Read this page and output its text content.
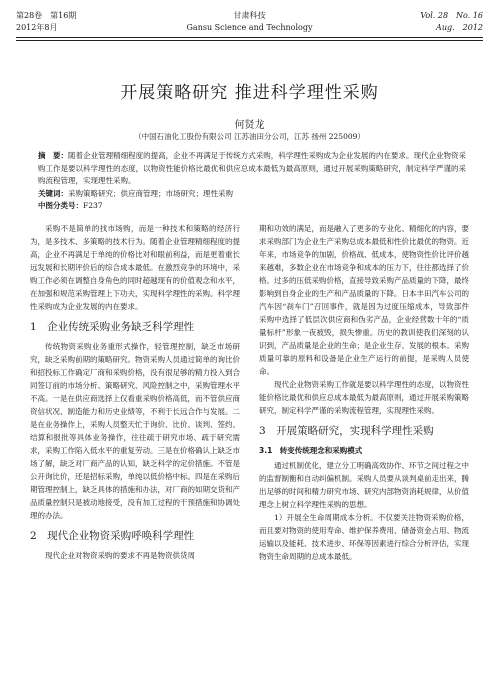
第28卷　第16期
2012年8月
甘肃科技
Gansu Science and Technology
Vol. 28　No. 16
Aug.　2012
开展策略研究 推进科学理性采购
何贤龙
（中国石油化工股份有限公司 江苏油田分公司，江苏 扬州 225009）
摘　要：随着企业管理精细程度的提高，企业不再满足于传统方式采购，科学理性采购成为企业发展的内在要求。现代企业物资采购工作是要以科学理性的态度，以物资性能价格比最优和供应总成本最低为最高原则，通过开展采购策略研究，制定科学严谨的采购流程管理，实现理性采购。
关键词：采购策略研究；供应商管理；市场研究；理性采购
中图分类号：F237

采购不是简单的找市场购，而是一种技术和策略的经济行为，是多技术、多策略的技术行为。随着企业管理精细程度的提高，企业不再满足于单纯的价格比对和眼前利益，而是更着重长远发展和长期评价后的综合成本最低。在激烈竞争的环境中，采购工作必须在调整自身角色的同时超越现有的价值观念和水平，在加强和规范采购管理上下功夫，实现科学理性的采购。科学理性采购成为企业发展的内在要求。

1　企业传统采购业务缺乏科学理性

传统物资采购业务重形式操作，轻管理控制，缺乏市场研究，缺乏采购前期的策略研究。物资采购人员通过简单的询比价和招投标工作确定厂商和采购价格，没有很足够的精力投入到合同签订前的市场分析、策略研究、风险控制之中，采购管理水平不高。一是在供应商选择上仅看重采购价格高低，而不管供应商资信状况、制造能力和历史业绩等，不利于长远合作与发展。二是在业务操作上，采购人员整天忙于询价、比价、谈判、签约、结算和报批等具体业务操作，往往疏于研究市场、疏于研究需求，采购工作陷入低水平的重复劳动。三是在价格确认上缺乏市场了解，缺乏对厂商产品的认知，缺乏科学的定价措施。不管是公开询比价，还是招标采购，单纯以低价格中标。四是在采购后期管理控制上，缺乏具体的措施和办法，对厂商的如期交货和产品质量控制只是被动地接受，没有加工过程的干预措施和协调处理的办法。

2　现代企业物资采购呼唤科学理性

现代企业对物资采购的要求不再是物资供货周

期和功效的满足，而是融入了更多的专业化、精细化的内容，要求采购部门为企业生产采购总成本最低和性价比最优的物资。近年来，市场竞争的加剧，价格战、低成本，使物资性价比评价越来越难，多数企业在市场竞争和成本的压力下，往往都选择了价格。过多的压低采购价格，直接导致采购产品质量的下降，最终影响到自身企业的生产和产品质量的下降。日本丰田汽车公司的汽车因“刹车门”召回事件，就是因为过度压缩成本，导致部件采购中选择了低层次供应商和伪劣产品，企业经营数十年的“质量标杆”形象一夜被毁，损失惨重。历史的教训使我们深刻的认识到，产品质量是企业的生命；是企业生存、发展的根本。采购质量可靠的原料和设备是企业生产运行的前提，是采购人员使命。

现代企业物资采购工作就是要以科学理性的态度，以物资性能价格比最优和供应总成本最低为最高原则，通过开展采购策略研究，制定科学严谨的采购流程管理，实现理性采购。

3　开展策略研究，实现科学理性采购
3.1　转变传统理念和采购模式

通过机制优化，建立分工明确高效协作、环节之间过程之中的监督制衡和自动纠偏机制。采购人员要从谈判桌前走出来，腾出足够的时间和精力研究市场、研究内部物资消耗规律，从价值理念上树立科学理性采购的思想。

1）开展全生命周期成本分析。不仅要关注物资采购价格，而且要对物资的使用寿命、维护保养费用、储备资金占用、物流运输以及能耗、技术进步、环保等因素进行综合分析评估，实现物资生命周期的总成本最低。
